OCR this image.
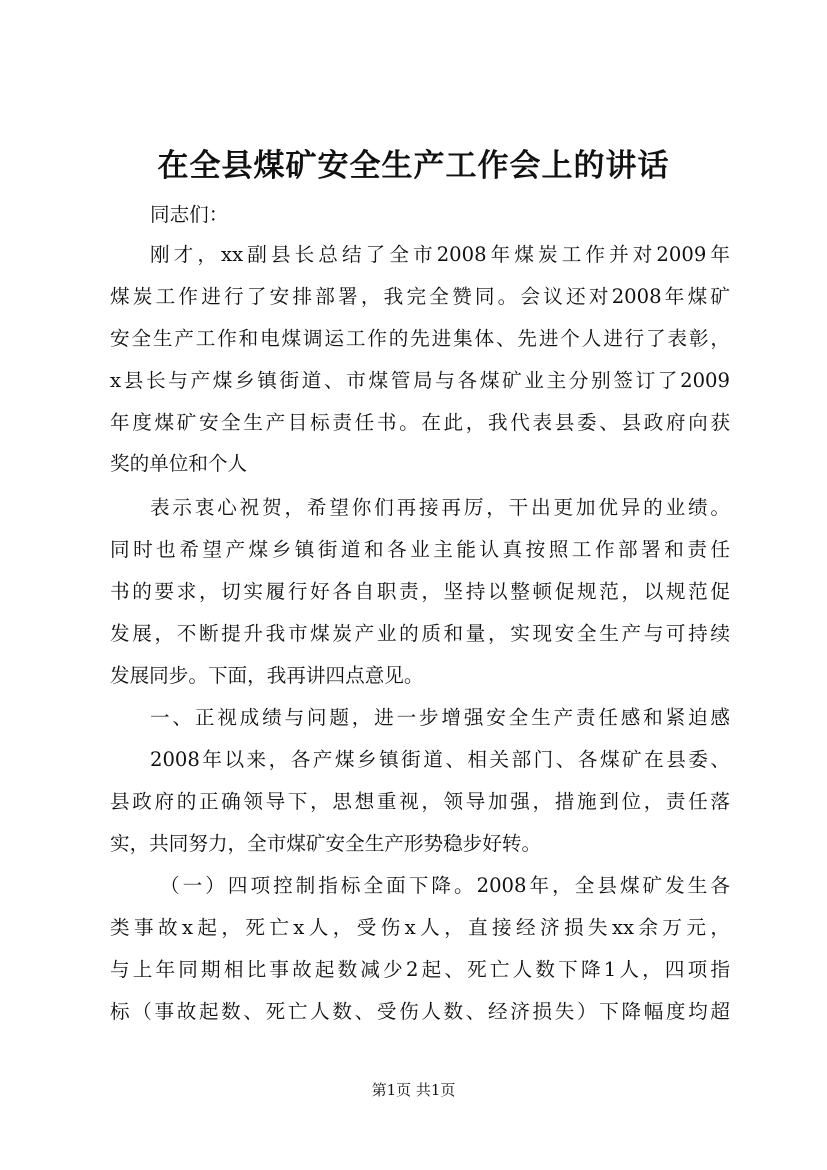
在全县煤矿安全生产工作会上的讲话
同志们：
刚才，xx副县长总结了全市2008年煤炭工作并对2009年
煤炭工作进行了安排部署，我完全赞同。会议还对2008年煤矿
安全生产工作和电煤调运工作的先进集体、先进个人进行了表彰，
x县长与产煤乡镇街道、市煤管局与各煤矿业主分别签订了2009
年度煤矿安全生产目标责任书。在此，我代表县委、县政府向获
奖的单位和个人
表示衷心祝贺，希望你们再接再厉，干出更加优异的业绩。
同时也希望产煤乡镇街道和各业主能认真按照工作部署和责任
书的要求，切实履行好各自职责，坚持以整顿促规范，以规范促
发展，不断提升我市煤炭产业的质和量，实现安全生产与可持续
发展同步。下面，我再讲四点意见。
一、正视成绩与问题，进一步增强安全生产责任感和紧迫感
2008年以来，各产煤乡镇街道、相关部门、各煤矿在县委、
县政府的正确领导下，思想重视，领导加强，措施到位，责任落
实，共同努力，全市煤矿安全生产形势稳步好转。
（一）四项控制指标全面下降。2008年，全县煤矿发生各
类事故x起，死亡x人，受伤x人，直接经济损失xx余万元，
与上年同期相比事故起数减少2起、死亡人数下降1人，四项指
标（事故起数、死亡人数、受伤人数、经济损失）下降幅度均超
第1页 共1页
